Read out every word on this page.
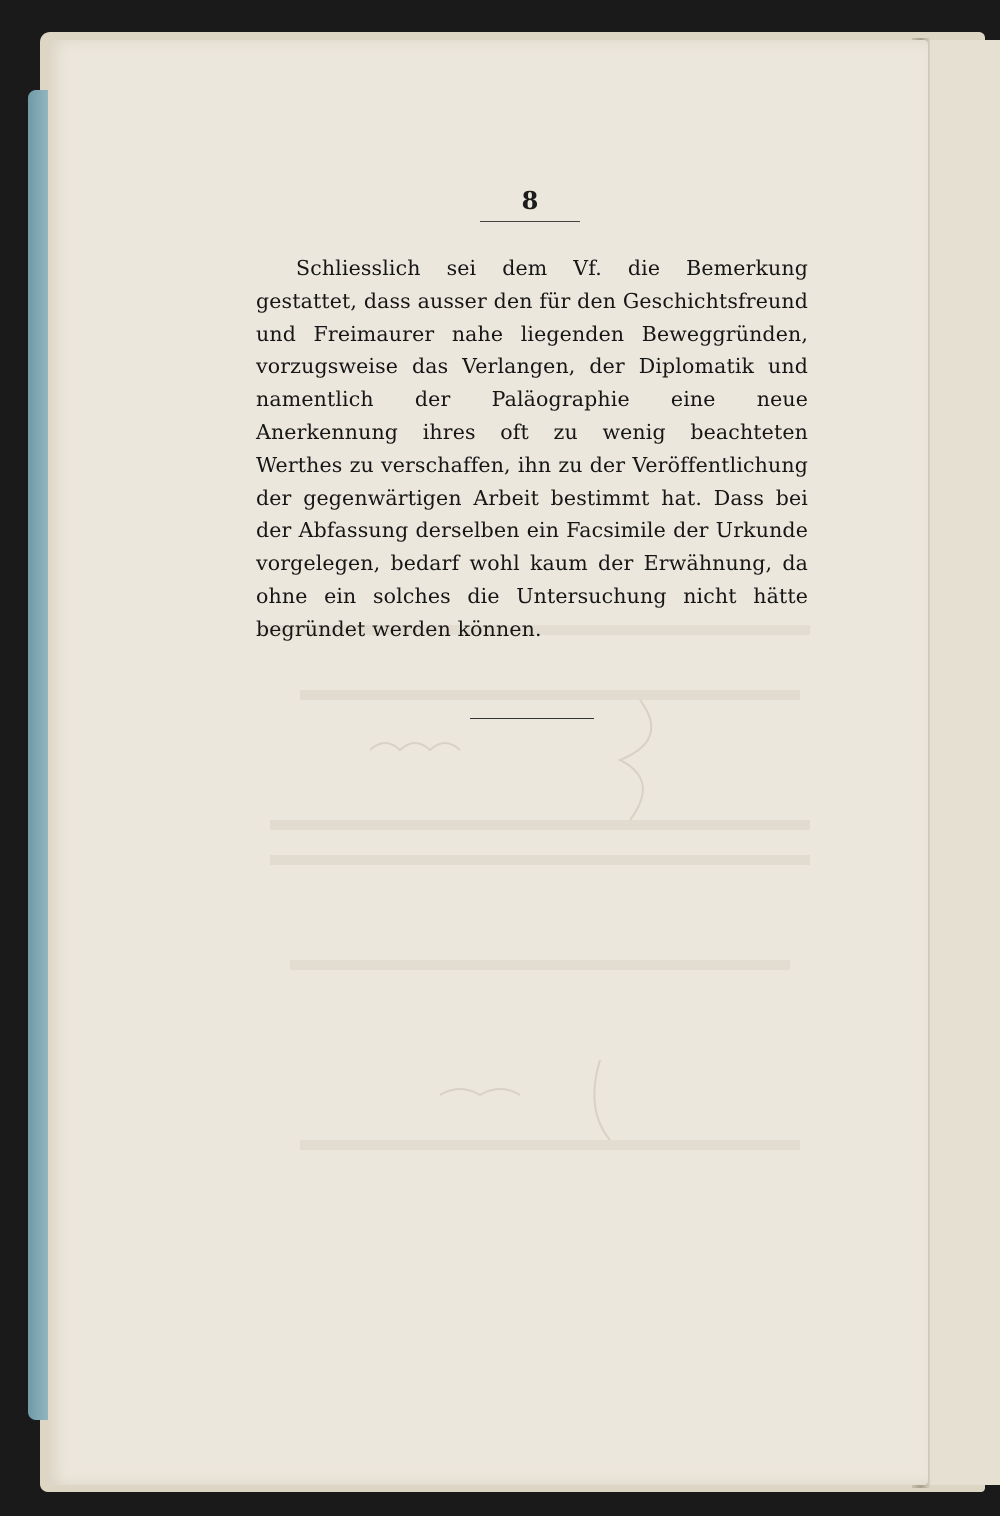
8

Schliesslich sei dem Vf. die Bemerkung gestattet, dass ausser den für den Geschichtsfreund und Freimaurer nahe liegenden Beweggründen, vorzugsweise das Verlangen, der Diplomatik und namentlich der Paläographie eine neue Anerkennung ihres oft zu wenig beachteten Werthes zu verschaffen, ihn zu der Veröffentlichung der gegenwärtigen Arbeit bestimmt hat. Dass bei der Abfassung derselben ein Facsimile der Urkunde vorgelegen, bedarf wohl kaum der Erwähnung, da ohne ein solches die Untersuchung nicht hätte begründet werden können.
